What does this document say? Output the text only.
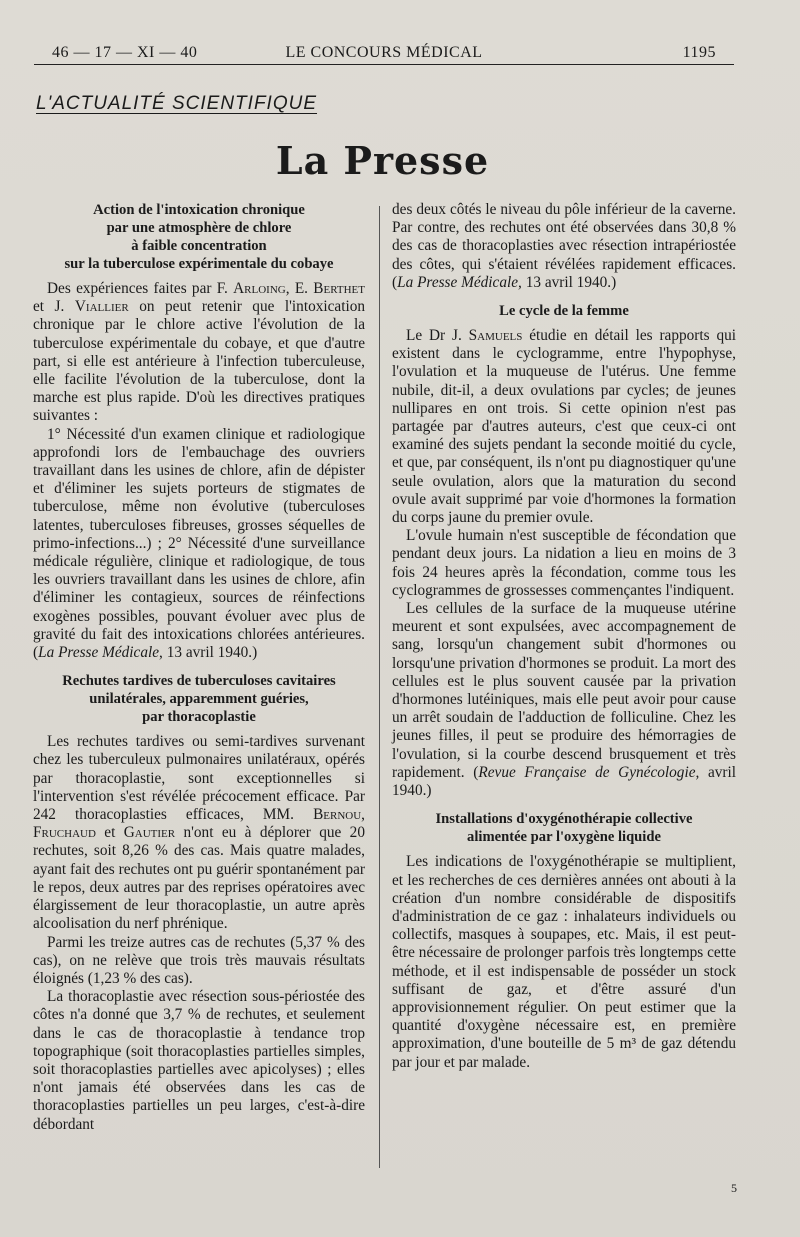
46 — 17 — XI — 40	LE CONCOURS MÉDICAL	1195
L'ACTUALITÉ SCIENTIFIQUE
La Presse
Action de l'intoxication chronique
par une atmosphère de chlore
à faible concentration
sur la tuberculose expérimentale du cobaye

Des expériences faites par F. Arloing, E. Berthet et J. Viallier on peut retenir que l'intoxication chronique par le chlore active l'évolution de la tuberculose expérimentale du cobaye, et que d'autre part, si elle est antérieure à l'infection tuberculeuse, elle facilite l'évolution de la tuberculose, dont la marche est plus rapide. D'où les directives pratiques suivantes :

1° Nécessité d'un examen clinique et radiologique approfondi lors de l'embauchage des ouvriers travaillant dans les usines de chlore, afin de dépister et d'éliminer les sujets porteurs de stigmates de tuberculose, même non évolutive (tuberculoses latentes, tuberculoses fibreuses, grosses séquelles de primo-infections...) ; 2° Nécessité d'une surveillance médicale régulière, clinique et radiologique, de tous les ouvriers travaillant dans les usines de chlore, afin d'éliminer les contagieux, sources de réinfections exogènes possibles, pouvant évoluer avec plus de gravité du fait des intoxications chlorées antérieures. (La Presse Médicale, 13 avril 1940.)

Rechutes tardives de tuberculoses cavitaires
unilatérales, apparemment guéries,
par thoracoplastie

Les rechutes tardives ou semi-tardives survenant chez les tuberculeux pulmonaires unilatéraux, opérés par thoracoplastie, sont exceptionnelles si l'intervention s'est révélée précocement efficace. Par 242 thoracoplasties efficaces, MM. Bernou, Fruchaud et Gautier n'ont eu à déplorer que 20 rechutes, soit 8,26 % des cas. Mais quatre malades, ayant fait des rechutes ont pu guérir spontanément par le repos, deux autres par des reprises opératoires avec élargissement de leur thoracoplastie, un autre après alcoolisation du nerf phrénique.

Parmi les treize autres cas de rechutes (5,37 % des cas), on ne relève que trois très mauvais résultats éloignés (1,23 % des cas).

La thoracoplastie avec résection sous-périostée des côtes n'a donné que 3,7 % de rechutes, et seulement dans le cas de thoracoplastie à tendance trop topographique (soit thoracoplasties partielles simples, soit thoracoplasties partielles avec apicolyses) ; elles n'ont jamais été observées dans les cas de thoracoplasties partielles un peu larges, c'est-à-dire débordant

des deux côtés le niveau du pôle inférieur de la caverne. Par contre, des rechutes ont été observées dans 30,8 % des cas de thoracoplasties avec résection intrapériostée des côtes, qui s'étaient révélées rapidement efficaces. (La Presse Médicale, 13 avril 1940.)

Le cycle de la femme

Le Dr J. Samuels étudie en détail les rapports qui existent dans le cyclogramme, entre l'hypophyse, l'ovulation et la muqueuse de l'utérus. Une femme nubile, dit-il, a deux ovulations par cycles; de jeunes nullipares en ont trois. Si cette opinion n'est pas partagée par d'autres auteurs, c'est que ceux-ci ont examiné des sujets pendant la seconde moitié du cycle, et que, par conséquent, ils n'ont pu diagnostiquer qu'une seule ovulation, alors que la maturation du second ovule avait supprimé par voie d'hormones la formation du corps jaune du premier ovule.

L'ovule humain n'est susceptible de fécondation que pendant deux jours. La nidation a lieu en moins de 3 fois 24 heures après la fécondation, comme tous les cyclogrammes de grossesses commençantes l'indiquent.

Les cellules de la surface de la muqueuse utérine meurent et sont expulsées, avec accompagnement de sang, lorsqu'un changement subit d'hormones ou lorsqu'une privation d'hormones se produit. La mort des cellules est le plus souvent causée par la privation d'hormones lutéiniques, mais elle peut avoir pour cause un arrêt soudain de l'adduction de folliculine. Chez les jeunes filles, il peut se produire des hémorragies de l'ovulation, si la courbe descend brusquement et très rapidement. (Revue Française de Gynécologie, avril 1940.)

Installations d'oxygénothérapie collective
alimentée par l'oxygène liquide

Les indications de l'oxygénothérapie se multiplient, et les recherches de ces dernières années ont abouti à la création d'un nombre considérable de dispositifs d'administration de ce gaz : inhalateurs individuels ou collectifs, masques à soupapes, etc. Mais, il est peut-être nécessaire de prolonger parfois très longtemps cette méthode, et il est indispensable de posséder un stock suffisant de gaz, et d'être assuré d'un approvisionnement régulier. On peut estimer que la quantité d'oxygène nécessaire est, en première approximation, d'une bouteille de 5 m³ de gaz détendu par jour et par malade.

5
